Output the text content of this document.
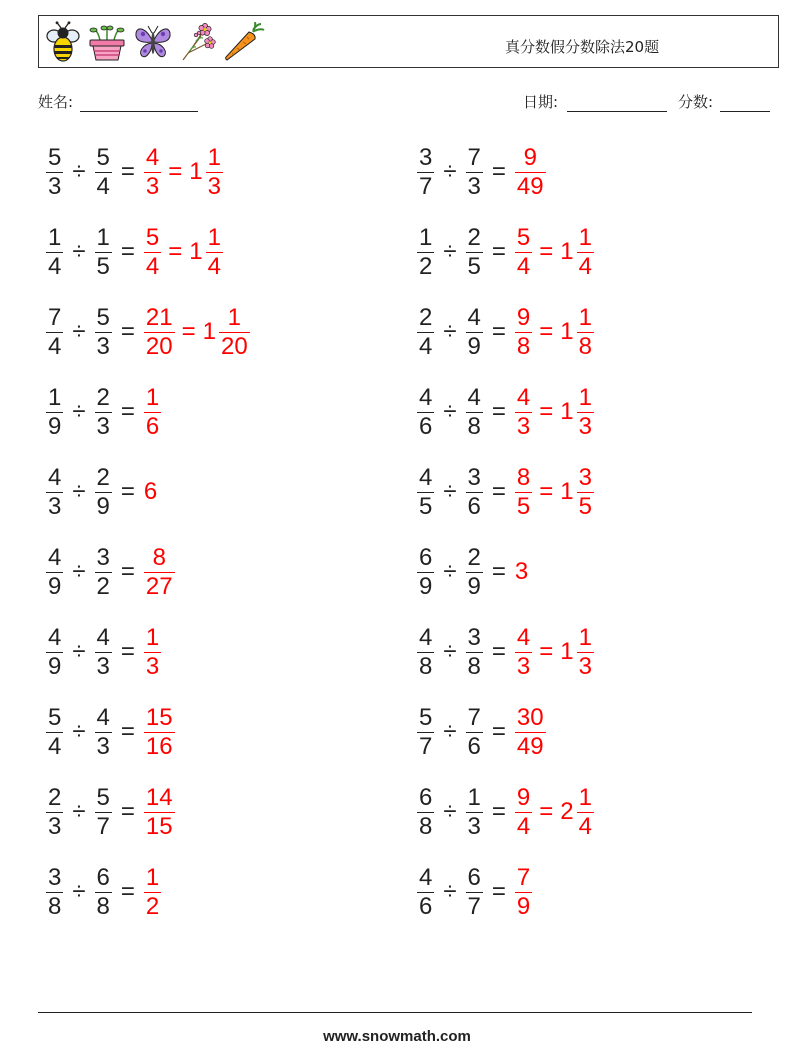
真分数假分数除法20题
姓名:	日期:	分数:
$\frac{5}{3} \div \frac{5}{4} = \frac{4}{3} = 1 \frac{1}{3}$
$\frac{1}{4} \div \frac{1}{5} = \frac{5}{4} = 1 \frac{1}{4}$
$\frac{7}{4} \div \frac{5}{3} = \frac{21}{20} = 1 \frac{1}{20}$
$\frac{1}{9} \div \frac{2}{3} = \frac{1}{6}$
$\frac{4}{3} \div \frac{2}{9} = 6$
$\frac{4}{9} \div \frac{3}{2} = \frac{8}{27}$
$\frac{4}{9} \div \frac{4}{3} = \frac{1}{3}$
$\frac{5}{4} \div \frac{4}{3} = \frac{15}{16}$
$\frac{2}{3} \div \frac{5}{7} = \frac{14}{15}$
$\frac{3}{8} \div \frac{6}{8} = \frac{1}{2}$
$\frac{3}{7} \div \frac{7}{3} = \frac{9}{49}$
$\frac{1}{2} \div \frac{2}{5} = \frac{5}{4} = 1 \frac{1}{4}$
$\frac{2}{4} \div \frac{4}{9} = \frac{9}{8} = 1 \frac{1}{8}$
$\frac{4}{6} \div \frac{4}{8} = \frac{4}{3} = 1 \frac{1}{3}$
$\frac{4}{5} \div \frac{3}{6} = \frac{8}{5} = 1 \frac{3}{5}$
$\frac{6}{9} \div \frac{2}{9} = 3$
$\frac{4}{8} \div \frac{3}{8} = \frac{4}{3} = 1 \frac{1}{3}$
$\frac{5}{7} \div \frac{7}{6} = \frac{30}{49}$
$\frac{6}{8} \div \frac{1}{3} = \frac{9}{4} = 2 \frac{1}{4}$
$\frac{4}{6} \div \frac{6}{7} = \frac{7}{9}$
www.snowmath.com
